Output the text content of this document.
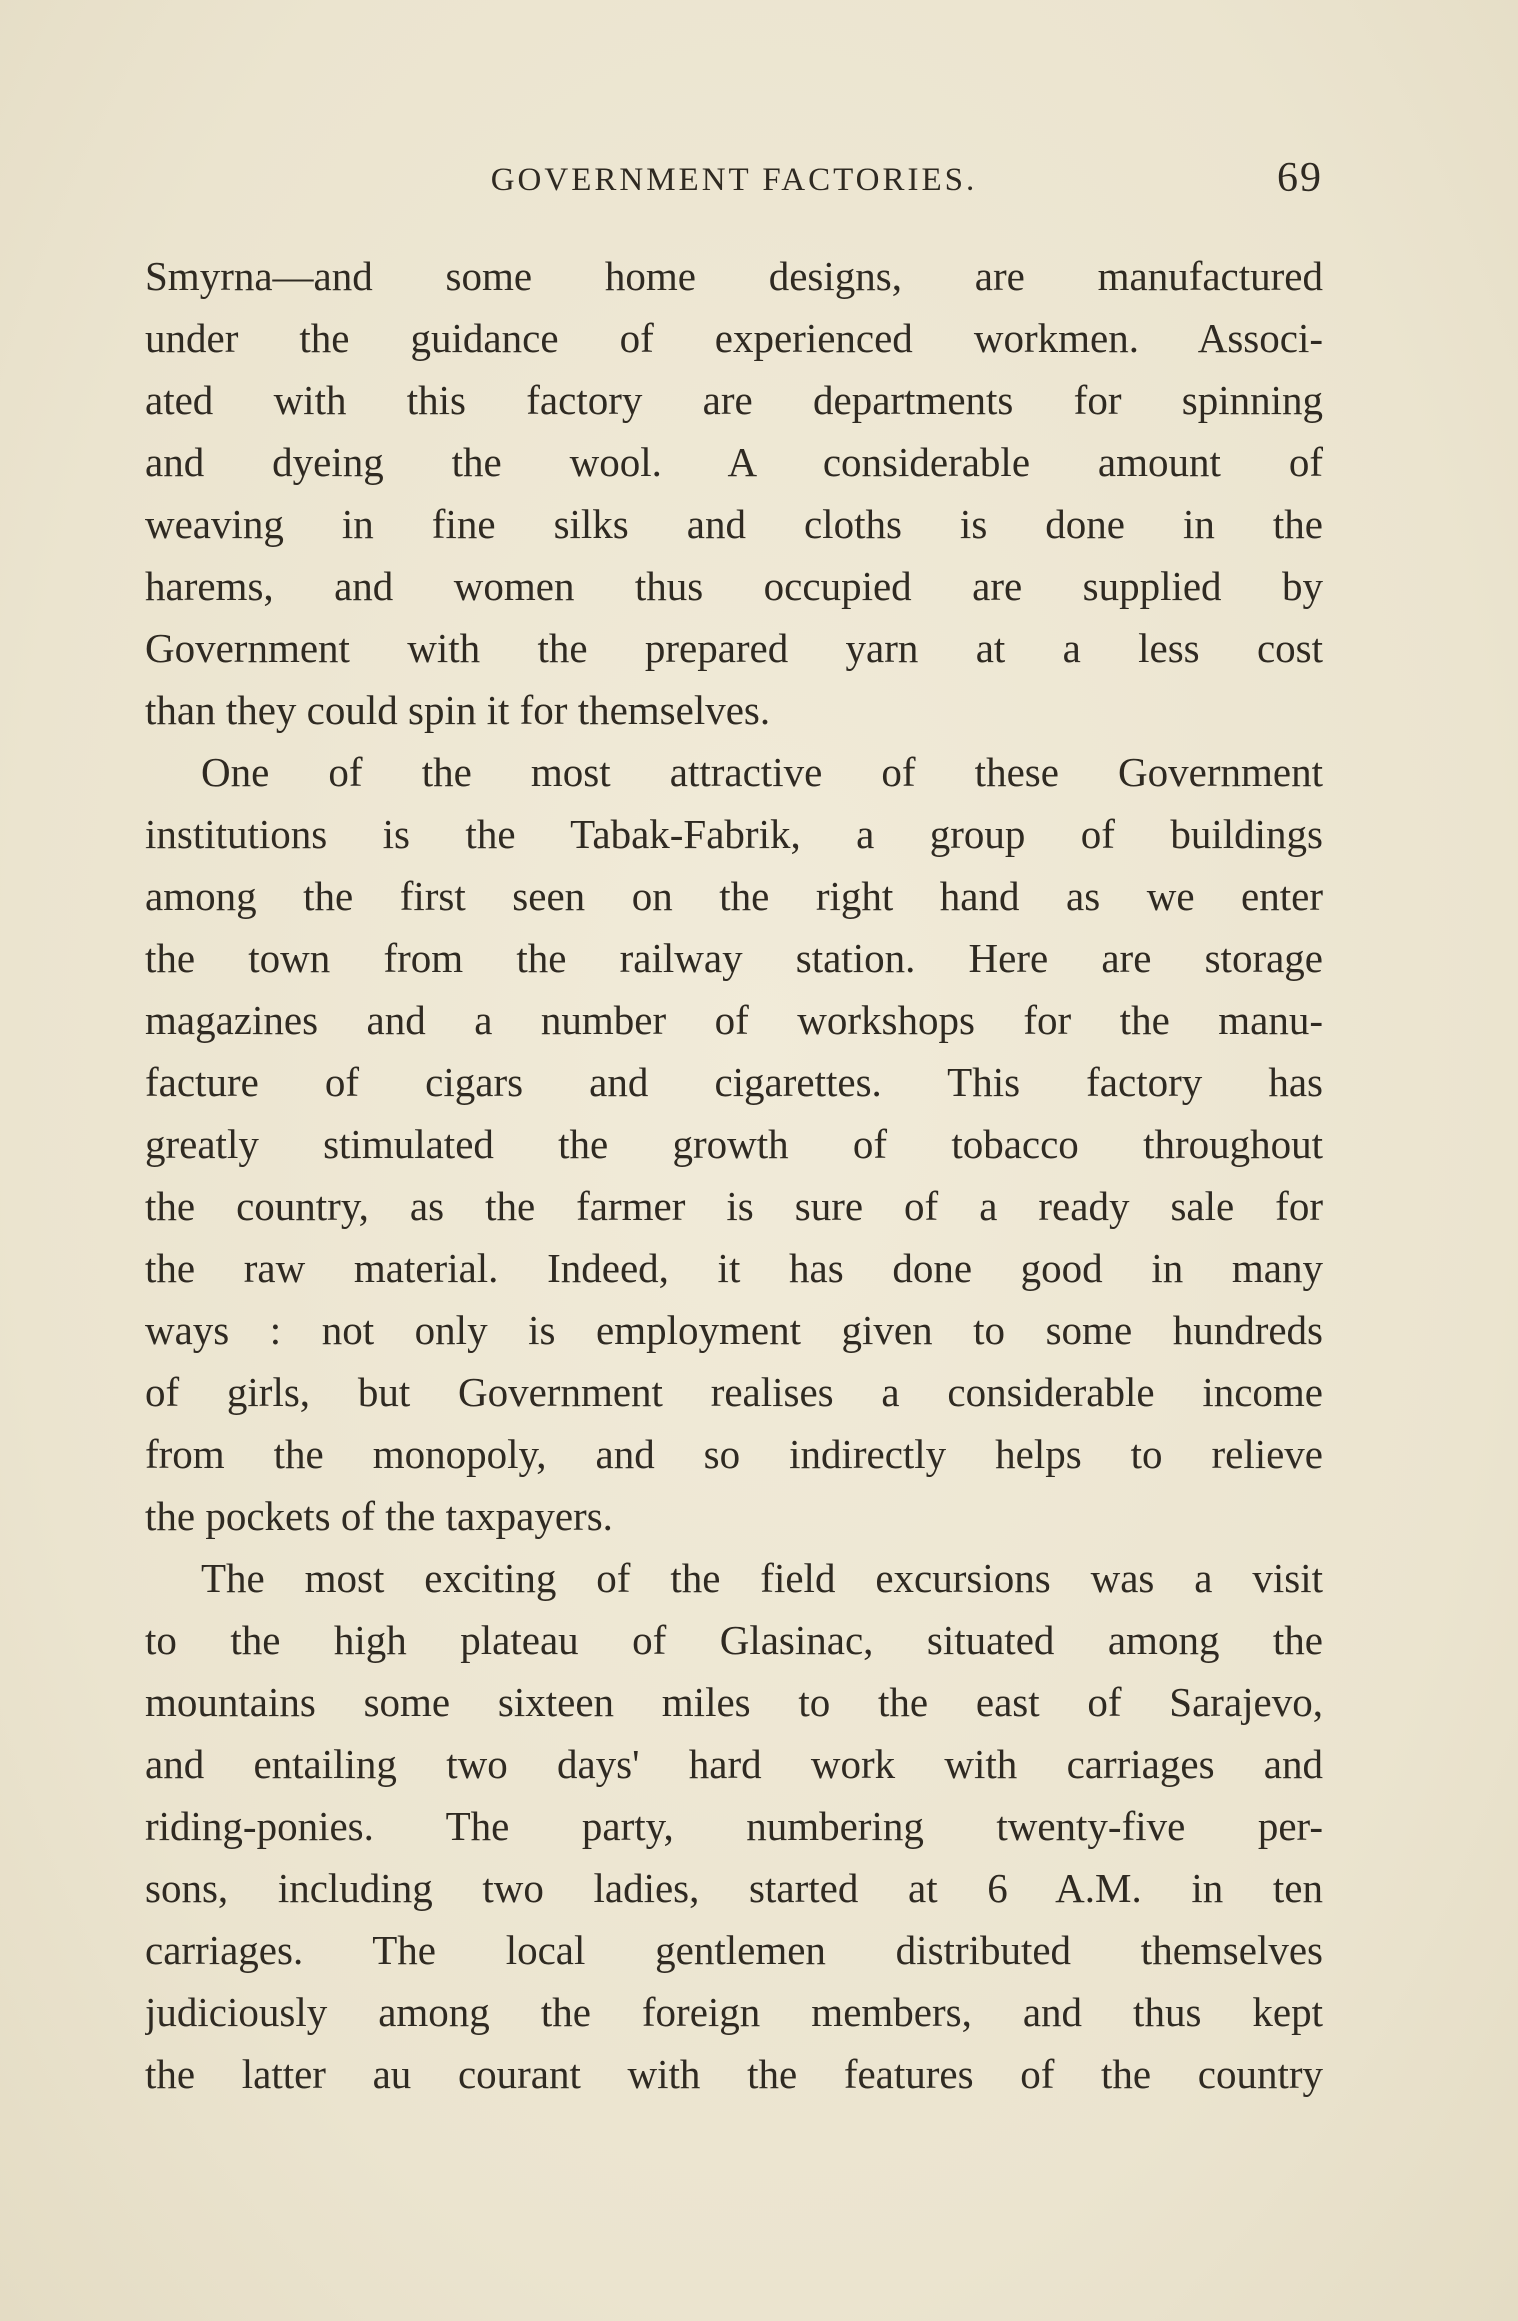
GOVERNMENT FACTORIES.	69
Smyrna—and some home designs, are manufactured
under the guidance of experienced workmen. Associ-
ated with this factory are departments for spinning
and dyeing the wool. A considerable amount of
weaving in fine silks and cloths is done in the
harems, and women thus occupied are supplied by
Government with the prepared yarn at a less cost
than they could spin it for themselves.
One of the most attractive of these Government
institutions is the Tabak-Fabrik, a group of buildings
among the first seen on the right hand as we enter
the town from the railway station. Here are storage
magazines and a number of workshops for the manu-
facture of cigars and cigarettes. This factory has
greatly stimulated the growth of tobacco throughout
the country, as the farmer is sure of a ready sale for
the raw material. Indeed, it has done good in many
ways : not only is employment given to some hundreds
of girls, but Government realises a considerable income
from the monopoly, and so indirectly helps to relieve
the pockets of the taxpayers.
The most exciting of the field excursions was a visit
to the high plateau of Glasinac, situated among the
mountains some sixteen miles to the east of Sarajevo,
and entailing two days' hard work with carriages and
riding-ponies. The party, numbering twenty-five per-
sons, including two ladies, started at 6 A.M. in ten
carriages. The local gentlemen distributed themselves
judiciously among the foreign members, and thus kept
the latter au courant with the features of the country
